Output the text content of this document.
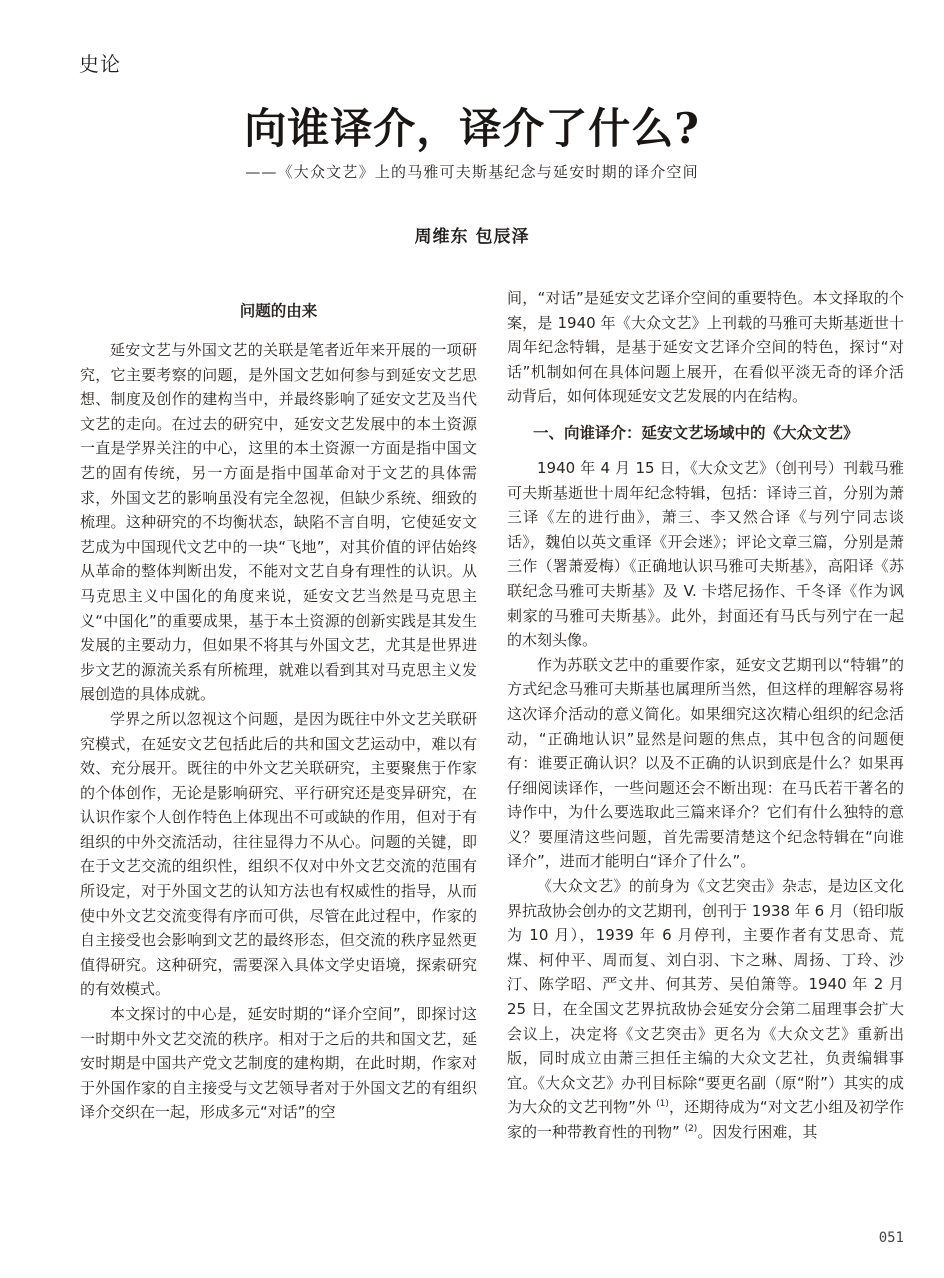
史论
向谁译介，译介了什么?
——《大众文艺》上的马雅可夫斯基纪念与延安时期的译介空间
周维东 包辰泽
问题的由来

延安文艺与外国文艺的关联是笔者近年来开展的一项研究，它主要考察的问题，是外国文艺如何参与到延安文艺思想、制度及创作的建构当中，并最终影响了延安文艺及当代文艺的走向。在过去的研究中，延安文艺发展中的本土资源一直是学界关注的中心，这里的本土资源一方面是指中国文艺的固有传统，另一方面是指中国革命对于文艺的具体需求，外国文艺的影响虽没有完全忽视，但缺少系统、细致的梳理。这种研究的不均衡状态，缺陷不言自明，它使延安文艺成为中国现代文艺中的一块“飞地”，对其价值的评估始终从革命的整体判断出发，不能对文艺自身有理性的认识。从马克思主义中国化的角度来说，延安文艺当然是马克思主义“中国化”的重要成果，基于本土资源的创新实践是其发生发展的主要动力，但如果不将其与外国文艺，尤其是世界进步文艺的源流关系有所梳理，就难以看到其对马克思主义发展创造的具体成就。

学界之所以忽视这个问题，是因为既往中外文艺关联研究模式，在延安文艺包括此后的共和国文艺运动中，难以有效、充分展开。既往的中外文艺关联研究，主要聚焦于作家的个体创作，无论是影响研究、平行研究还是变异研究，在认识作家个人创作特色上体现出不可或缺的作用，但对于有组织的中外交流活动，往往显得力不从心。问题的关键，即在于文艺交流的组织性，组织不仅对中外文艺交流的范围有所设定，对于外国文艺的认知方法也有权威性的指导，从而使中外文艺交流变得有序而可供，尽管在此过程中，作家的自主接受也会影响到文艺的最终形态，但交流的秩序显然更值得研究。这种研究，需要深入具体文学史语境，探索研究的有效模式。

本文探讨的中心是，延安时期的“译介空间”，即探讨这一时期中外文艺交流的秩序。相对于之后的共和国文艺，延安时期是中国共产党文艺制度的建构期，在此时期，作家对于外国作家的自主接受与文艺领导者对于外国文艺的有组织译介交织在一起，形成多元“对话”的空

间，“对话”是延安文艺译介空间的重要特色。本文择取的个案，是 1940 年《大众文艺》上刊载的马雅可夫斯基逝世十周年纪念特辑，是基于延安文艺译介空间的特色，探讨“对话”机制如何在具体问题上展开，在看似平淡无奇的译介活动背后，如何体现延安文艺发展的内在结构。

一、向谁译介：延安文艺场域中的《大众文艺》

1940 年 4 月 15 日，《大众文艺》（创刊号）刊载马雅可夫斯基逝世十周年纪念特辑，包括：译诗三首，分别为萧三译《左的进行曲》，萧三、李又然合译《与列宁同志谈话》，魏伯以英文重译《开会迷》；评论文章三篇，分别是萧三作（署萧爱梅）《正确地认识马雅可夫斯基》，高阳译《苏联纪念马雅可夫斯基》及 V. 卡塔尼扬作、千冬译《作为讽刺家的马雅可夫斯基》。此外，封面还有马氏与列宁在一起的木刻头像。

作为苏联文艺中的重要作家，延安文艺期刊以“特辑”的方式纪念马雅可夫斯基也属理所当然，但这样的理解容易将这次译介活动的意义简化。如果细究这次精心组织的纪念活动，“正确地认识”显然是问题的焦点，其中包含的问题便有：谁要正确认识？以及不正确的认识到底是什么？如果再仔细阅读译作，一些问题还会不断出现：在马氏若干著名的诗作中，为什么要选取此三篇来译介？它们有什么独特的意义？要厘清这些问题，首先需要清楚这个纪念特辑在“向谁译介”，进而才能明白“译介了什么”。

《大众文艺》的前身为《文艺突击》杂志，是边区文化界抗敌协会创办的文艺期刊，创刊于 1938 年 6 月（铅印版为 10 月），1939 年 6 月停刊，主要作者有艾思奇、荒煤、柯仲平、周而复、刘白羽、卞之琳、周扬、丁玲、沙汀、陈学昭、严文井、何其芳、吴伯箫等。1940 年 2 月 25 日，在全国文艺界抗敌协会延安分会第二届理事会扩大会议上，决定将《文艺突击》更名为《大众文艺》重新出版，同时成立由萧三担任主编的大众文艺社，负责编辑事宜。《大众文艺》办刊目标除“要更名副（原“附”）其实的成为大众的文艺刊物”外 $^{(1)}$，还期待成为“对文艺小组及初学作家的一种带教育性的刊物” $^{(2)}$。因发行困难，其

051
